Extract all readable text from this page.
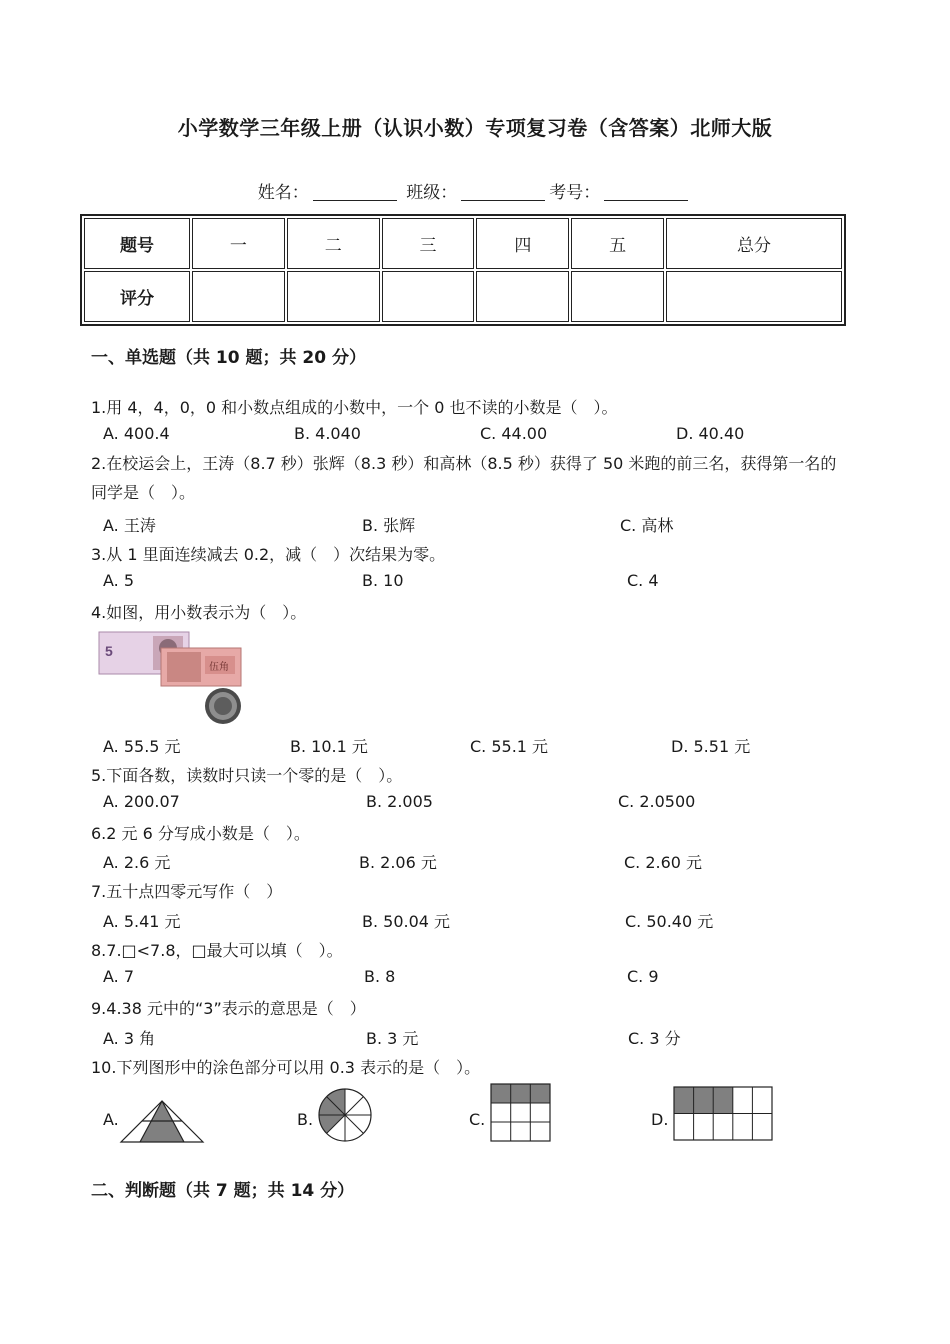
小学数学三年级上册（认识小数）专项复习卷（含答案）北师大版
姓名：	班级：	考号：
题号	一	二	三	四	五	总分
评分						
一、单选题（共 10 题；共 20 分）
1.用 4，4，0，0 和小数点组成的小数中，一个 0 也不读的小数是（　）。
A. 400.4	B. 4.040	C. 44.00	D. 40.40
2.在校运会上，王涛（8.7 秒）张辉（8.3 秒）和高林（8.5 秒）获得了 50 米跑的前三名，获得第一名的同学是（　）。
A. 王涛	B. 张辉	C. 高林
3.从 1 里面连续减去 0.2，减（　）次结果为零。
A. 5	B. 10	C. 4
4.如图，用小数表示为（　）。
5
伍角
A. 55.5 元	B. 10.1 元	C. 55.1 元	D. 5.51 元
5.下面各数，读数时只读一个零的是（　）。
A. 200.07	B. 2.005	C. 2.0500
6.2 元 6 分写成小数是（　）。
A. 2.6 元	B. 2.06 元	C. 2.60 元
7.五十点四零元写作（　）
A. 5.41 元	B. 50.04 元	C. 50.40 元
8.7.□<7.8，□最大可以填（　）。
A. 7	B. 8	C. 9
9.4.38 元中的“3”表示的意思是（　）
A. 3 角	B. 3 元	C. 3 分
10.下列图形中的涂色部分可以用 0.3 表示的是（　）。
A.	B.	C.	D.
二、判断题（共 7 题；共 14 分）
